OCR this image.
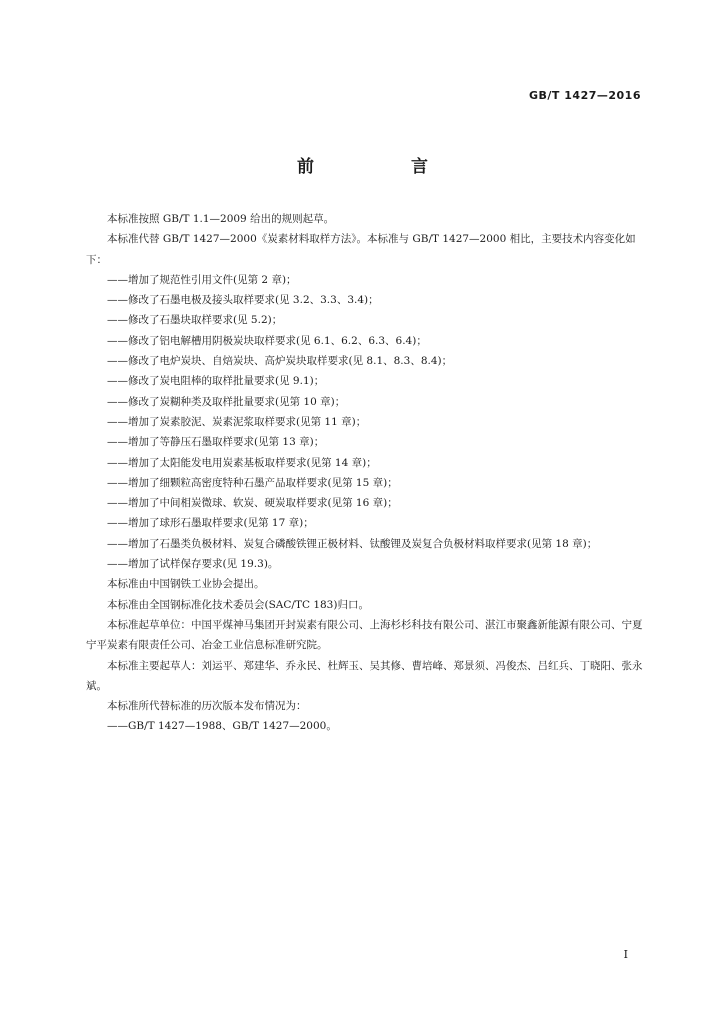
GB/T 1427—2016
前　言

本标准按照 GB/T 1.1—2009 给出的规则起草。

本标准代替 GB/T 1427—2000《炭素材料取样方法》。本标准与 GB/T 1427—2000 相比，主要技术内容变化如下：

——增加了规范性引用文件(见第 2 章)；
——修改了石墨电极及接头取样要求(见 3.2、3.3、3.4)；
——修改了石墨块取样要求(见 5.2)；
——修改了铝电解槽用阴极炭块取样要求(见 6.1、6.2、6.3、6.4)；
——修改了电炉炭块、自焙炭块、高炉炭块取样要求(见 8.1、8.3、8.4)；
——修改了炭电阻棒的取样批量要求(见 9.1)；
——修改了炭糊种类及取样批量要求(见第 10 章)；
——增加了炭素胶泥、炭素泥浆取样要求(见第 11 章)；
——增加了等静压石墨取样要求(见第 13 章)；
——增加了太阳能发电用炭素基板取样要求(见第 14 章)；
——增加了细颗粒高密度特种石墨产品取样要求(见第 15 章)；
——增加了中间相炭微球、软炭、硬炭取样要求(见第 16 章)；
——增加了球形石墨取样要求(见第 17 章)；
——增加了石墨类负极材料、炭复合磷酸铁锂正极材料、钛酸锂及炭复合负极材料取样要求(见第 18 章)；
——增加了试样保存要求(见 19.3)。

本标准由中国钢铁工业协会提出。

本标准由全国钢标准化技术委员会(SAC/TC 183)归口。

本标准起草单位：中国平煤神马集团开封炭素有限公司、上海杉杉科技有限公司、湛江市聚鑫新能源有限公司、宁夏宁平炭素有限责任公司、冶金工业信息标准研究院。

本标准主要起草人：刘运平、郑建华、乔永民、杜辉玉、吴其修、曹培峰、郑景须、冯俊杰、吕红兵、丁晓阳、张永斌。

本标准所代替标准的历次版本发布情况为：

——GB/T 1427—1988、GB/T 1427—2000。
I
